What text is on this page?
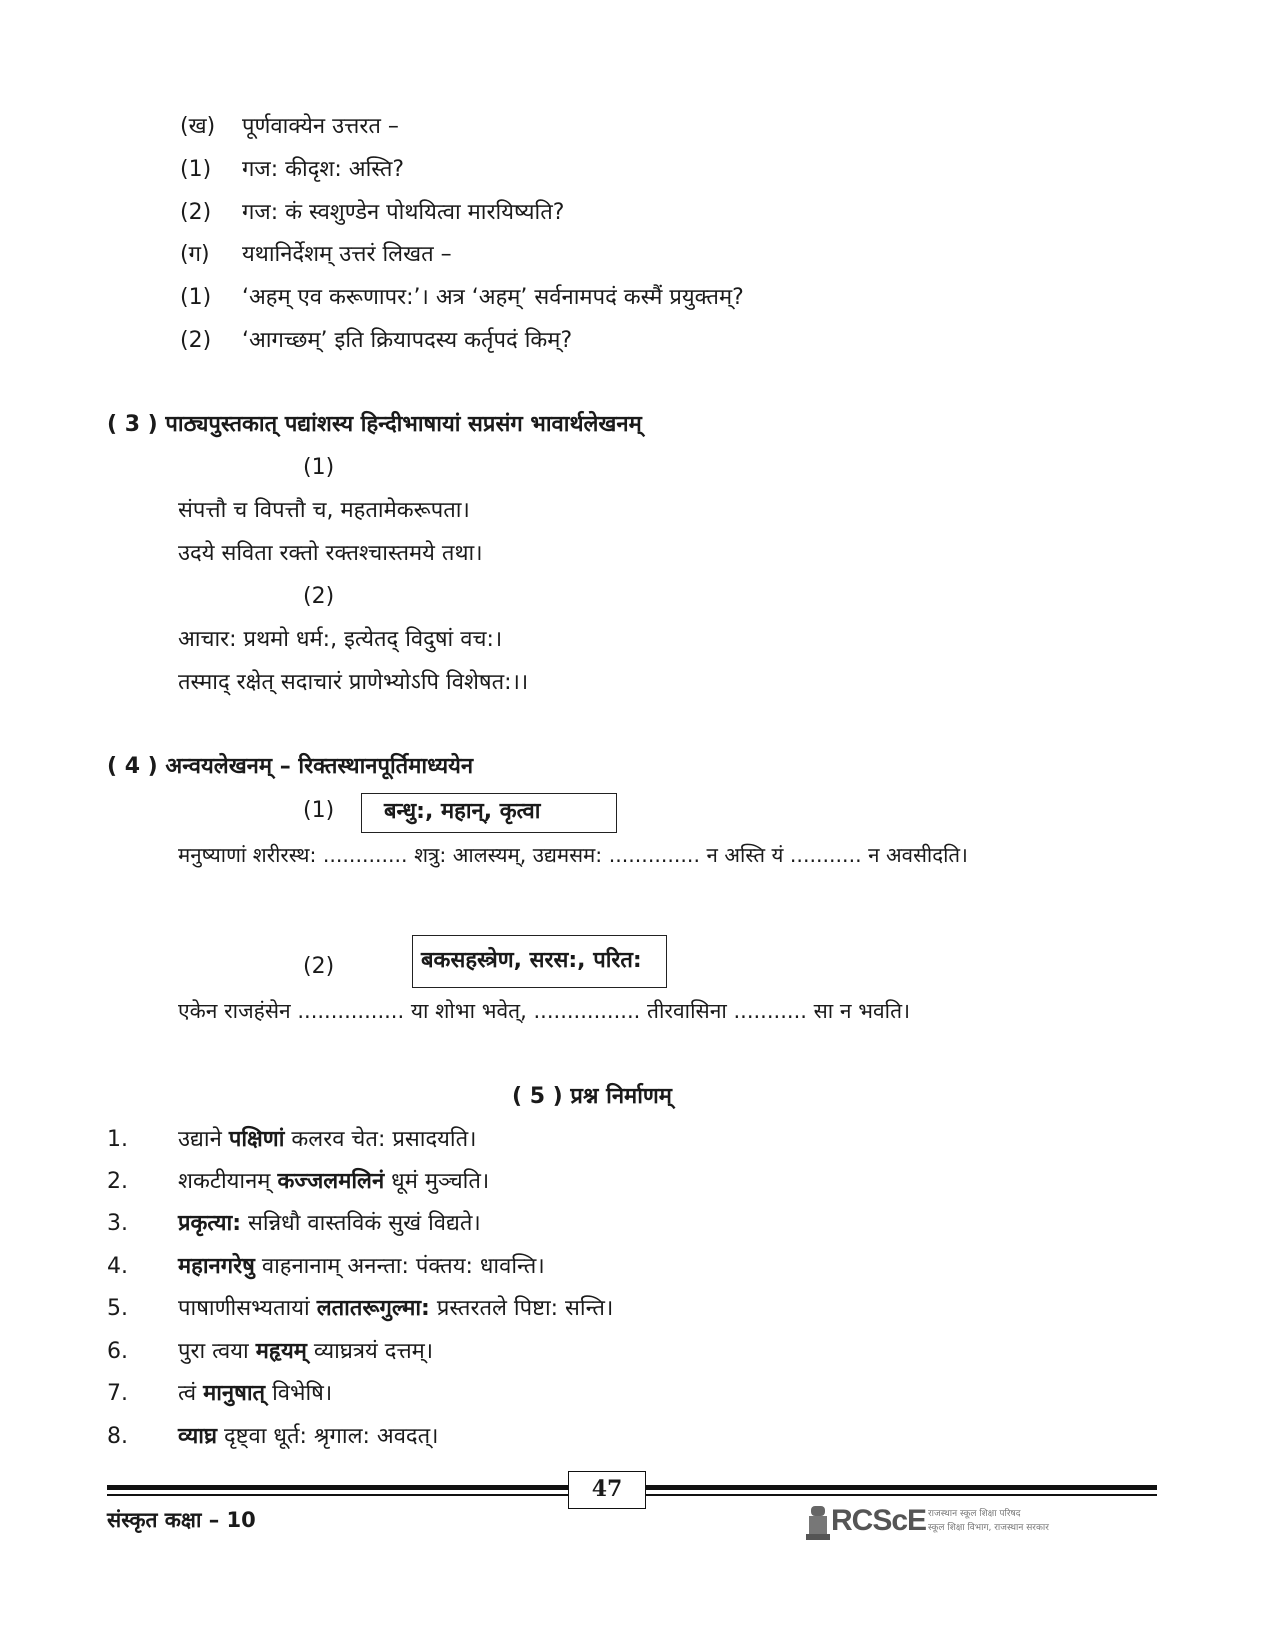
(ख) पूर्णवाक्येन उत्तरत –
(1) गज: कीदृश: अस्ति?
(2) गज: कं स्वशुण्डेन पोथयित्वा मारयिष्यति?
(ग) यथानिर्देशम् उत्तरं लिखत –
(1) ‘अहम् एव करूणापर:’। अत्र ‘अहम्’ सर्वनामपदं कस्मैं प्रयुक्तम्?
(2) ‘आगच्छम्’ इति क्रियापदस्य कर्तृपदं किम्?
( 3 ) पाठ्यपुस्तकात् पद्यांशस्य हिन्दीभाषायां सप्रसंग भावार्थलेखनम्
(1)
संपत्तौ च विपत्तौ च, महतामेकरूपता।
उदये सविता रक्तो रक्तश्चास्तमये तथा।
(2)
आचार: प्रथमो धर्म:, इत्येतद् विदुषां वच:।
तस्माद् रक्षेत् सदाचारं प्राणेभ्योऽपि विशेषत:।।
( 4 ) अन्वयलेखनम् – रिक्तस्थानपूर्तिमाध्ययेन
(1)	बन्धु:, महान्, कृत्वा
मनुष्याणां शरीरस्थ: ............. शत्रु: आलस्यम्, उद्यमसम: .............. न अस्ति यं ........... न अवसीदति।
(2)	बकसहस्त्रेण, सरस:, परित:
एकेन राजहंसेन ................ या शोभा भवेत्, ................ तीरवासिना ........... सा न भवति।
( 5 ) प्रश्न निर्माणम्
1. उद्याने पक्षिणां कलरव चेत: प्रसादयति।
2. शकटीयानम् कज्जलमलिनं धूमं मुञ्चति।
3. प्रकृत्या: सन्निधौ वास्तविकं सुखं विद्यते।
4. महानगरेषु वाहनानाम् अनन्ता: पंक्तय: धावन्ति।
5. पाषाणीसभ्यतायां लतातरूगुल्मा: प्रस्तरतले पिष्टा: सन्ति।
6. पुरा त्वया महृयम् व्याघ्रत्रयं दत्तम्।
7. त्वं मानुषात् विभेषि।
8. व्याघ्र दृष्ट्वा धूर्त: श्रृगाल: अवदत्।
47
संस्कृत कक्षा – 10	RCScE राजस्थान स्कूल शिक्षा परिषद
स्कूल शिक्षा विभाग, राजस्थान सरकार
